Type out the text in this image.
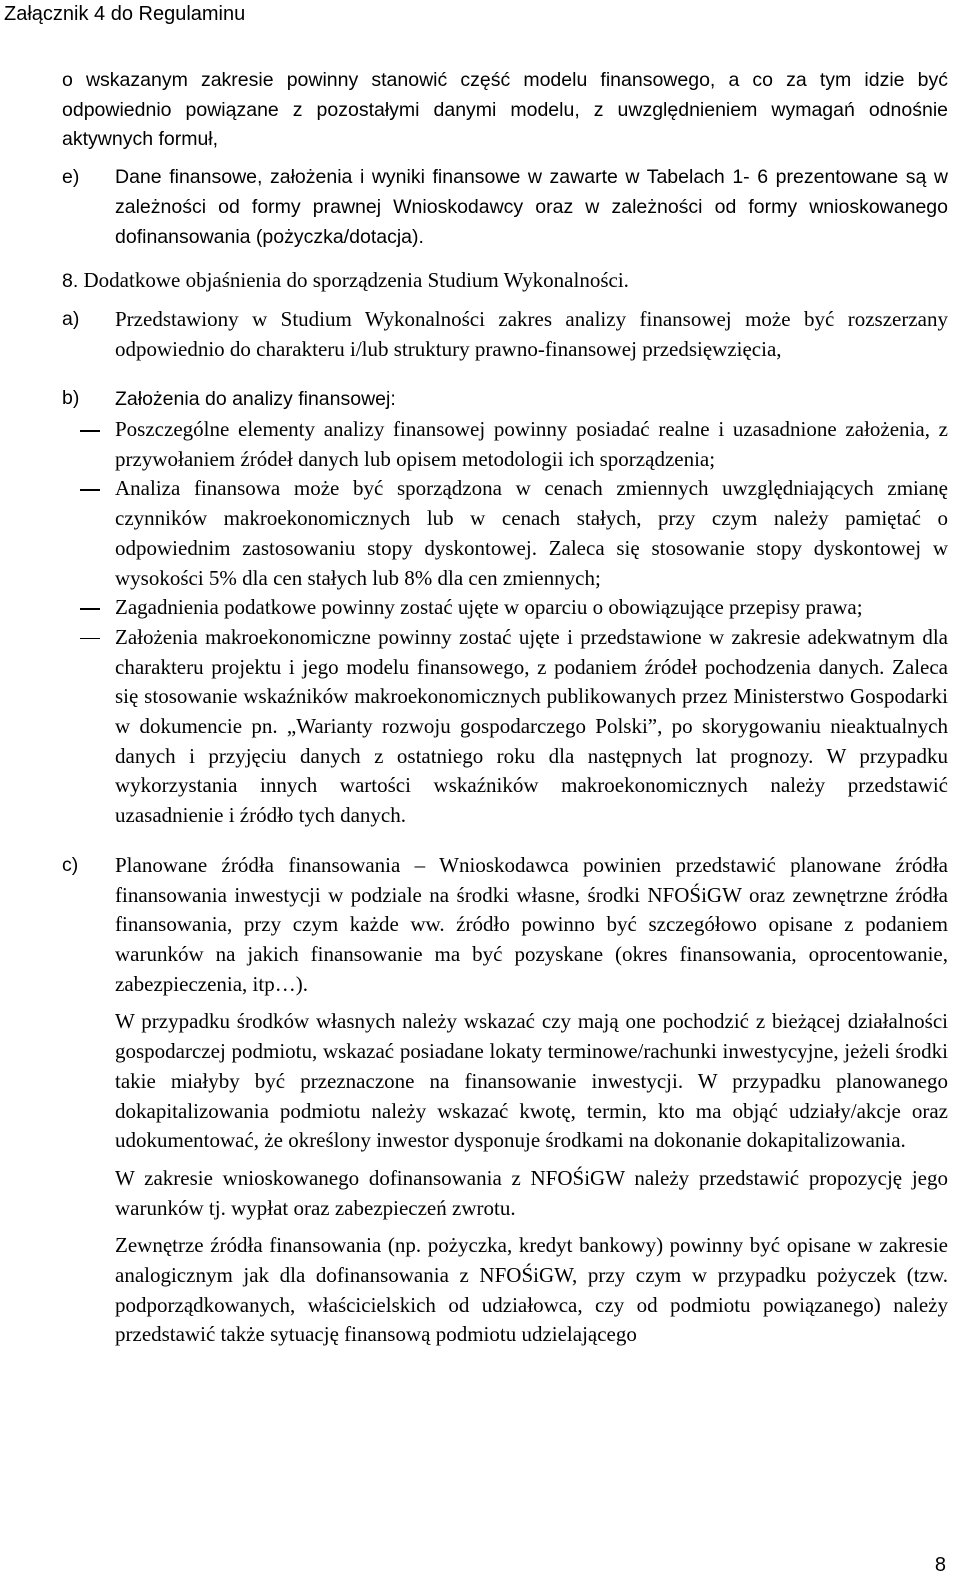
Załącznik 4 do Regulaminu

o wskazanym zakresie powinny stanowić część modelu finansowego, a co za tym idzie być odpowiednio powiązane z pozostałymi danymi modelu, z uwzględnieniem wymagań odnośnie aktywnych formuł,

e) Dane finansowe, założenia i wyniki finansowe w zawarte w Tabelach 1- 6 prezentowane są w zależności od formy prawnej Wnioskodawcy oraz w zależności od formy wnioskowanego dofinansowania (pożyczka/dotacja).
8. Dodatkowe objaśnienia do sporządzenia Studium Wykonalności.
a) Przedstawiony w Studium Wykonalności zakres analizy finansowej może być rozszerzany odpowiednio do charakteru i/lub struktury prawno-finansowej przedsięwzięcia,
b) Założenia do analizy finansowej:
Poszczególne elementy analizy finansowej powinny posiadać realne i uzasadnione założenia, z przywołaniem źródeł danych lub opisem metodologii ich sporządzenia;
Analiza finansowa może być sporządzona w cenach zmiennych uwzględniających zmianę czynników makroekonomicznych lub w cenach stałych, przy czym należy pamiętać o odpowiednim zastosowaniu stopy dyskontowej. Zaleca się stosowanie stopy dyskontowej w wysokości 5% dla cen stałych lub 8% dla cen zmiennych;
Zagadnienia podatkowe powinny zostać ujęte w oparciu o obowiązujące przepisy prawa;
Założenia makroekonomiczne powinny zostać ujęte i przedstawione w zakresie adekwatnym dla charakteru projektu i jego modelu finansowego, z podaniem źródeł pochodzenia danych. Zaleca się stosowanie wskaźników makroekonomicznych publikowanych przez Ministerstwo Gospodarki w dokumencie pn. „Warianty rozwoju gospodarczego Polski”, po skorygowaniu nieaktualnych danych i przyjęciu danych z ostatniego roku dla następnych lat prognozy. W przypadku wykorzystania innych wartości wskaźników makroekonomicznych należy przedstawić uzasadnienie i źródło tych danych.
c) Planowane źródła finansowania – Wnioskodawca powinien przedstawić planowane źródła finansowania inwestycji w podziale na środki własne, środki NFOŚiGW oraz zewnętrzne źródła finansowania, przy czym każde ww. źródło powinno być szczegółowo opisane z podaniem warunków na jakich finansowanie ma być pozyskane (okres finansowania, oprocentowanie, zabezpieczenia, itp…).

W przypadku środków własnych należy wskazać czy mają one pochodzić z bieżącej działalności gospodarczej podmiotu, wskazać posiadane lokaty terminowe/rachunki inwestycyjne, jeżeli środki takie miałyby być przeznaczone na finansowanie inwestycji. W przypadku planowanego dokapitalizowania podmiotu należy wskazać kwotę, termin, kto ma objąć udziały/akcje oraz udokumentować, że określony inwestor dysponuje środkami na dokonanie dokapitalizowania.

W zakresie wnioskowanego dofinansowania z NFOŚiGW należy przedstawić propozycję jego warunków tj. wypłat oraz zabezpieczeń zwrotu.

Zewnętrze źródła finansowania (np. pożyczka, kredyt bankowy) powinny być opisane w zakresie analogicznym jak dla dofinansowania z NFOŚiGW, przy czym w przypadku pożyczek (tzw. podporządkowanych, właścicielskich od udziałowca, czy od podmiotu powiązanego) należy przedstawić także sytuację finansową podmiotu udzielającego

8
